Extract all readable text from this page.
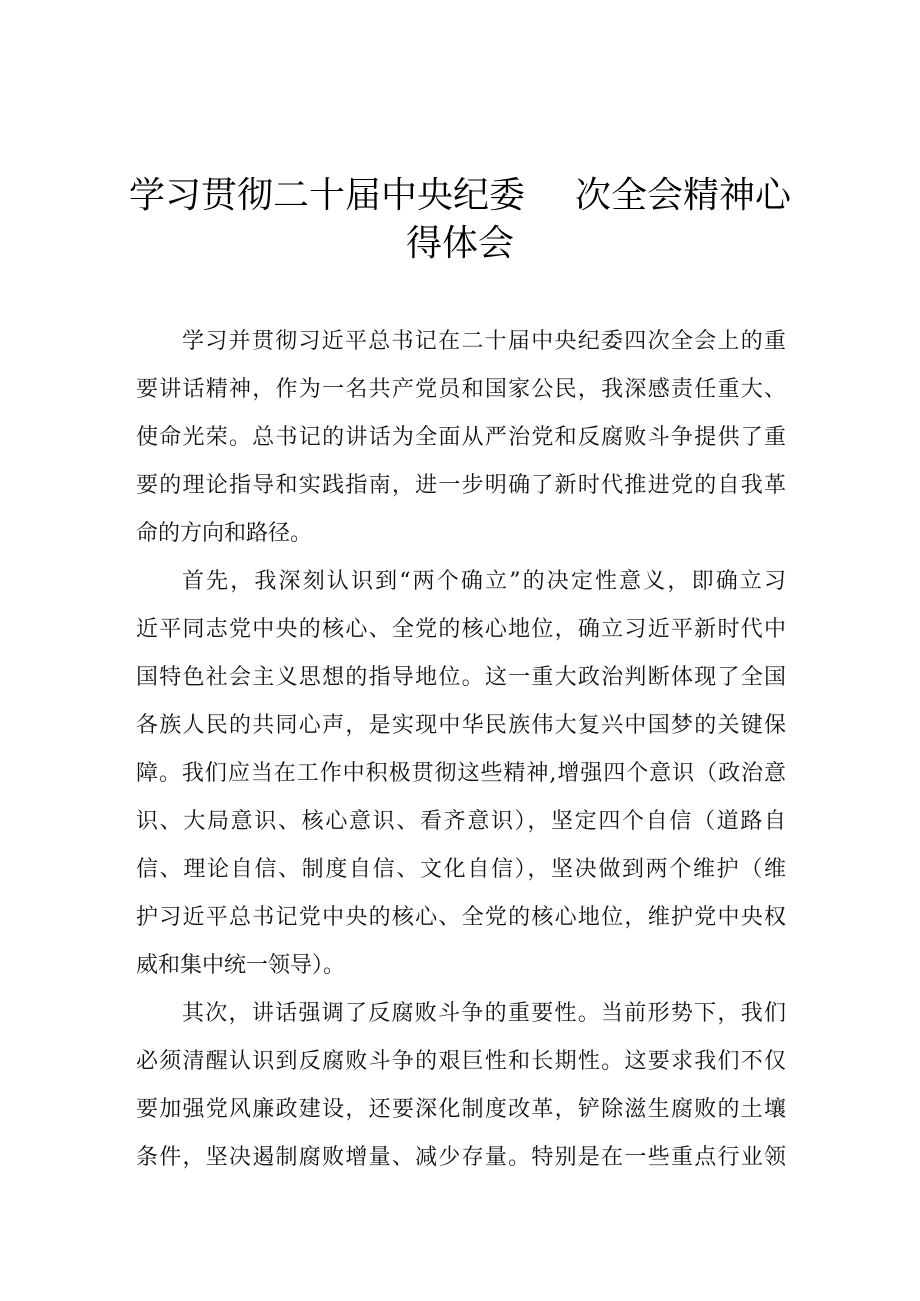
学习贯彻二十届中央纪委 次全会精神心
得体会
学习并贯彻习近平总书记在二十届中央纪委四次全会上的重
要讲话精神，作为一名共产党员和国家公民，我深感责任重大、
使命光荣。总书记的讲话为全面从严治党和反腐败斗争提供了重
要的理论指导和实践指南，进一步明确了新时代推进党的自我革
命的方向和路径。
首先，我深刻认识到“两个确立”的决定性意义，即确立习
近平同志党中央的核心、全党的核心地位，确立习近平新时代中
国特色社会主义思想的指导地位。这一重大政治判断体现了全国
各族人民的共同心声，是实现中华民族伟大复兴中国梦的关键保
障。我们应当在工作中积极贯彻这些精神,增强四个意识（政治意
识、大局意识、核心意识、看齐意识），坚定四个自信（道路自
信、理论自信、制度自信、文化自信），坚决做到两个维护（维
护习近平总书记党中央的核心、全党的核心地位，维护党中央权
威和集中统一领导）。
其次，讲话强调了反腐败斗争的重要性。当前形势下，我们
必须清醒认识到反腐败斗争的艰巨性和长期性。这要求我们不仅
要加强党风廉政建设，还要深化制度改革，铲除滋生腐败的土壤
条件，坚决遏制腐败增量、减少存量。特别是在一些重点行业领
